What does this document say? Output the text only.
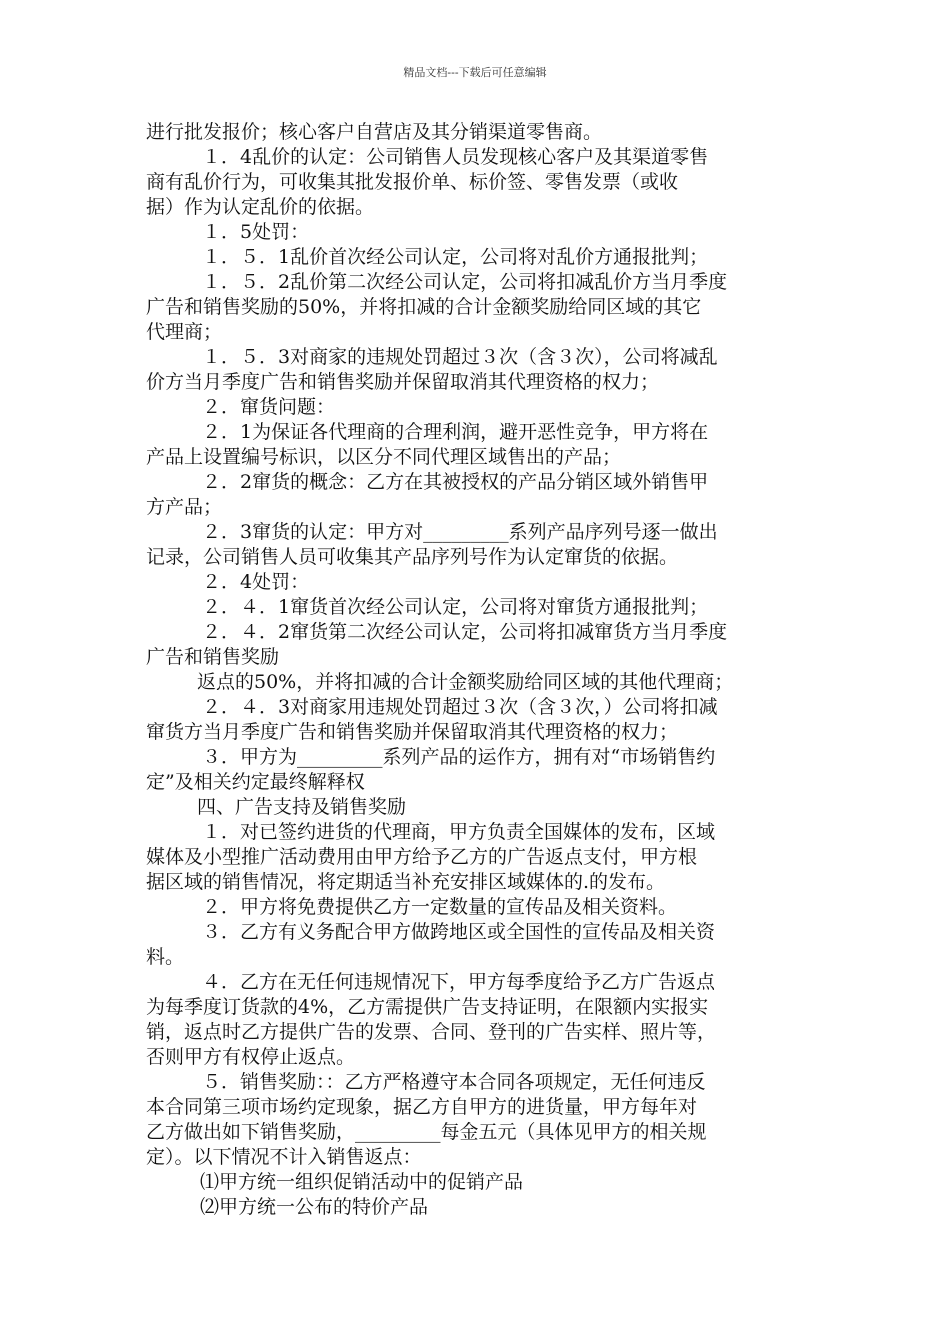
精品文档---下载后可任意编辑
进行批发报价；核心客户自营店及其分销渠道零售商。
１．4乱价的认定：公司销售人员发现核心客户及其渠道零售
商有乱价行为，可收集其批发报价单、标价签、零售发票（或收
据）作为认定乱价的依据。
１．5处罚：
１．５．1乱价首次经公司认定，公司将对乱价方通报批判；
１．５．2乱价第二次经公司认定，公司将扣减乱价方当月季度
广告和销售奖励的50%，并将扣减的合计金额奖励给同区域的其它
代理商；
１．５．3对商家的违规处罚超过３次（含３次），公司将减乱
价方当月季度广告和销售奖励并保留取消其代理资格的权力；
２．窜货问题：
２．1为保证各代理商的合理利润，避开恶性竞争，甲方将在
产品上设置编号标识，以区分不同代理区域售出的产品；
２．2窜货的概念：乙方在其被授权的产品分销区域外销售甲
方产品；
２．3窜货的认定：甲方对_________系列产品序列号逐一做出
记录，公司销售人员可收集其产品序列号作为认定窜货的依据。
２．4处罚：
２．４．1窜货首次经公司认定，公司将对窜货方通报批判；
２．４．2窜货第二次经公司认定，公司将扣减窜货方当月季度
广告和销售奖励
返点的50%，并将扣减的合计金额奖励给同区域的其他代理商；
２．４．3对商家用违规处罚超过３次（含３次，）公司将扣减
窜货方当月季度广告和销售奖励并保留取消其代理资格的权力；
３．甲方为_________系列产品的运作方，拥有对“市场销售约
定”及相关约定最终解释权
四、广告支持及销售奖励
１．对已签约进货的代理商，甲方负责全国媒体的发布，区域
媒体及小型推广活动费用由甲方给予乙方的广告返点支付，甲方根
据区域的销售情况，将定期适当补充安排区域媒体的.的发布。
２．甲方将免费提供乙方一定数量的宣传品及相关资料。
３．乙方有义务配合甲方做跨地区或全国性的宣传品及相关资
料。
４．乙方在无任何违规情况下，甲方每季度给予乙方广告返点
为每季度订货款的4%，乙方需提供广告支持证明，在限额内实报实
销，返点时乙方提供广告的发票、合同、登刊的广告实样、照片等，
否则甲方有权停止返点。
５．销售奖励：：乙方严格遵守本合同各项规定，无任何违反
本合同第三项市场约定现象，据乙方自甲方的进货量，甲方每年对
乙方做出如下销售奖励，_________每金五元（具体见甲方的相关规
定）。以下情况不计入销售返点：
⑴甲方统一组织促销活动中的促销产品
⑵甲方统一公布的特价产品
